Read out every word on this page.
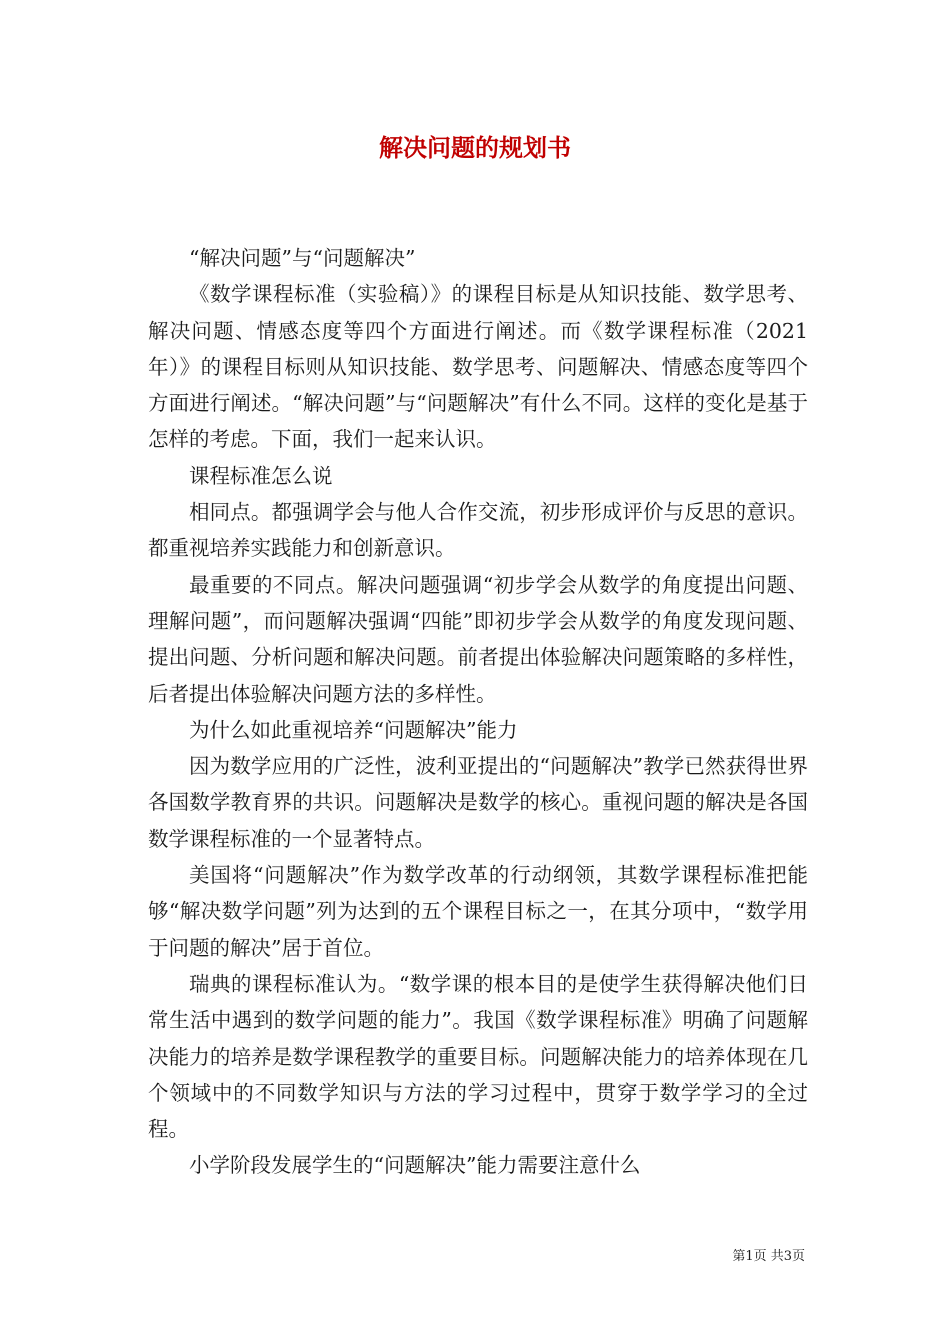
解决问题的规划书

“解决问题”与“问题解决”

《数学课程标准（实验稿）》的课程目标是从知识技能、数学思考、解决问题、情感态度等四个方面进行阐述。而《数学课程标准（2021年）》的课程目标则从知识技能、数学思考、问题解决、情感态度等四个方面进行阐述。“解决问题”与“问题解决”有什么不同。这样的变化是基于怎样的考虑。下面，我们一起来认识。

课程标准怎么说

相同点。都强调学会与他人合作交流，初步形成评价与反思的意识。都重视培养实践能力和创新意识。

最重要的不同点。解决问题强调“初步学会从数学的角度提出问题、理解问题”，而问题解决强调“四能”即初步学会从数学的角度发现问题、提出问题、分析问题和解决问题。前者提出体验解决问题策略的多样性，后者提出体验解决问题方法的多样性。

为什么如此重视培养“问题解决”能力

因为数学应用的广泛性，波利亚提出的“问题解决”教学已然获得世界各国数学教育界的共识。问题解决是数学的核心。重视问题的解决是各国数学课程标准的一个显著特点。

美国将“问题解决”作为数学改革的行动纲领，其数学课程标准把能够“解决数学问题”列为达到的五个课程目标之一，在其分项中，“数学用于问题的解决”居于首位。

瑞典的课程标准认为。“数学课的根本目的是使学生获得解决他们日常生活中遇到的数学问题的能力”。我国《数学课程标准》明确了问题解决能力的培养是数学课程教学的重要目标。问题解决能力的培养体现在几个领域中的不同数学知识与方法的学习过程中，贯穿于数学学习的全过程。

小学阶段发展学生的“问题解决”能力需要注意什么

第1页 共3页
